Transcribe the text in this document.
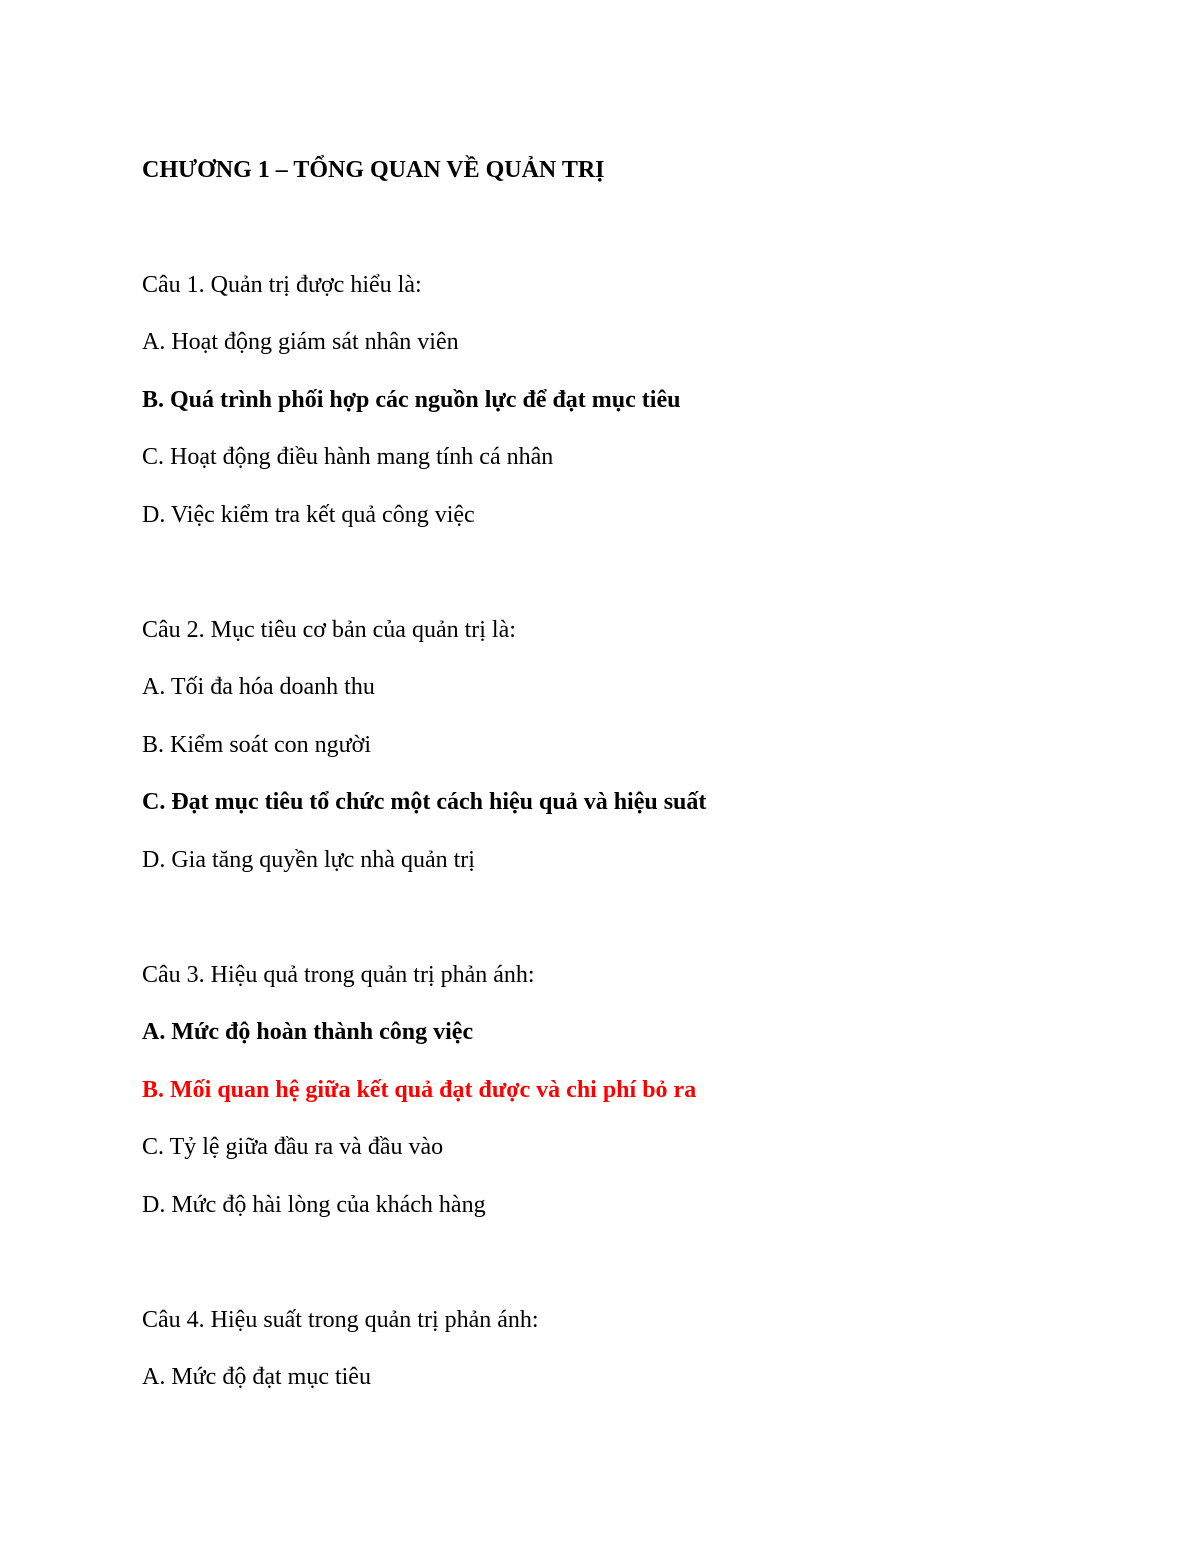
CHƯƠNG 1 – TỔNG QUAN VỀ QUẢN TRỊ

Câu 1. Quản trị được hiểu là:

A. Hoạt động giám sát nhân viên

B. Quá trình phối hợp các nguồn lực để đạt mục tiêu

C. Hoạt động điều hành mang tính cá nhân

D. Việc kiểm tra kết quả công việc

Câu 2. Mục tiêu cơ bản của quản trị là:

A. Tối đa hóa doanh thu

B. Kiểm soát con người

C. Đạt mục tiêu tổ chức một cách hiệu quả và hiệu suất

D. Gia tăng quyền lực nhà quản trị

Câu 3. Hiệu quả trong quản trị phản ánh:

A. Mức độ hoàn thành công việc

B. Mối quan hệ giữa kết quả đạt được và chi phí bỏ ra

C. Tỷ lệ giữa đầu ra và đầu vào

D. Mức độ hài lòng của khách hàng

Câu 4. Hiệu suất trong quản trị phản ánh:

A. Mức độ đạt mục tiêu
